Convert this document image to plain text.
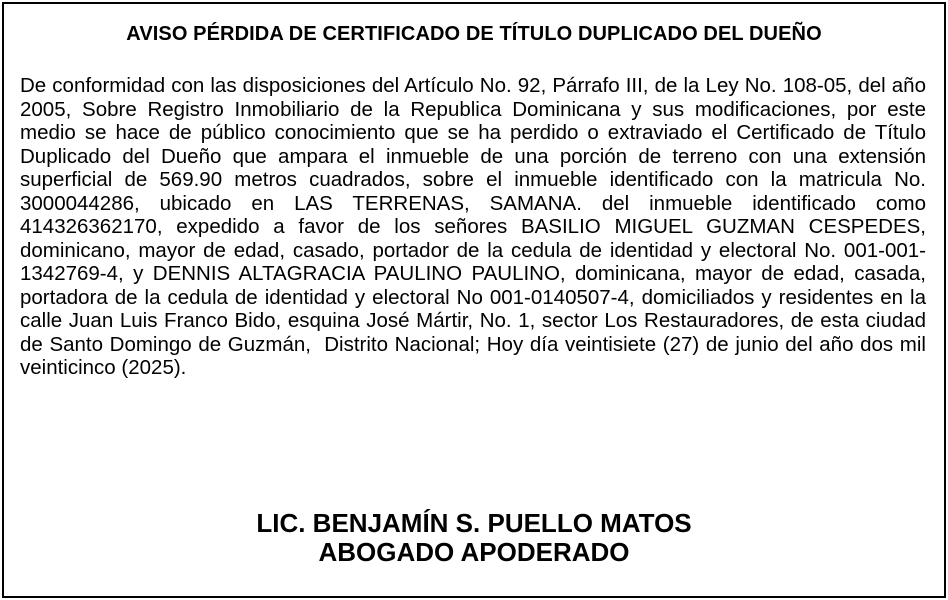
AVISO PÉRDIDA DE CERTIFICADO DE TÍTULO DUPLICADO DEL DUEÑO

De conformidad con las disposiciones del Artículo No. 92, Párrafo III, de la Ley No. 108-05, del año 2005, Sobre Registro Inmobiliario de la Republica Dominicana y sus modificaciones, por este medio se hace de público conocimiento que se ha perdido o extraviado el Certificado de Título Duplicado del Dueño que ampara el inmueble de una porción de terreno con una extensión superficial de 569.90 metros cuadrados, sobre el inmueble identificado con la matricula No. 3000044286, ubicado en LAS TERRENAS, SAMANA. del inmueble identificado como 414326362170, expedido a favor de los señores BASILIO MIGUEL GUZMAN CESPEDES, dominicano, mayor de edad, casado, portador de la cedula de identidad y electoral No. 001-001-1342769-4, y DENNIS ALTAGRACIA PAULINO PAULINO, dominicana, mayor de edad, casada, portadora de la cedula de identidad y electoral No 001-0140507-4, domiciliados y residentes en la calle Juan Luis Franco Bido, esquina José Mártir, No. 1, sector Los Restauradores, de esta ciudad de Santo Domingo de Guzmán,  Distrito Nacional; Hoy día veintisiete (27) de junio del año dos mil veinticinco (2025).

LIC. BENJAMÍN S. PUELLO MATOS
ABOGADO APODERADO
